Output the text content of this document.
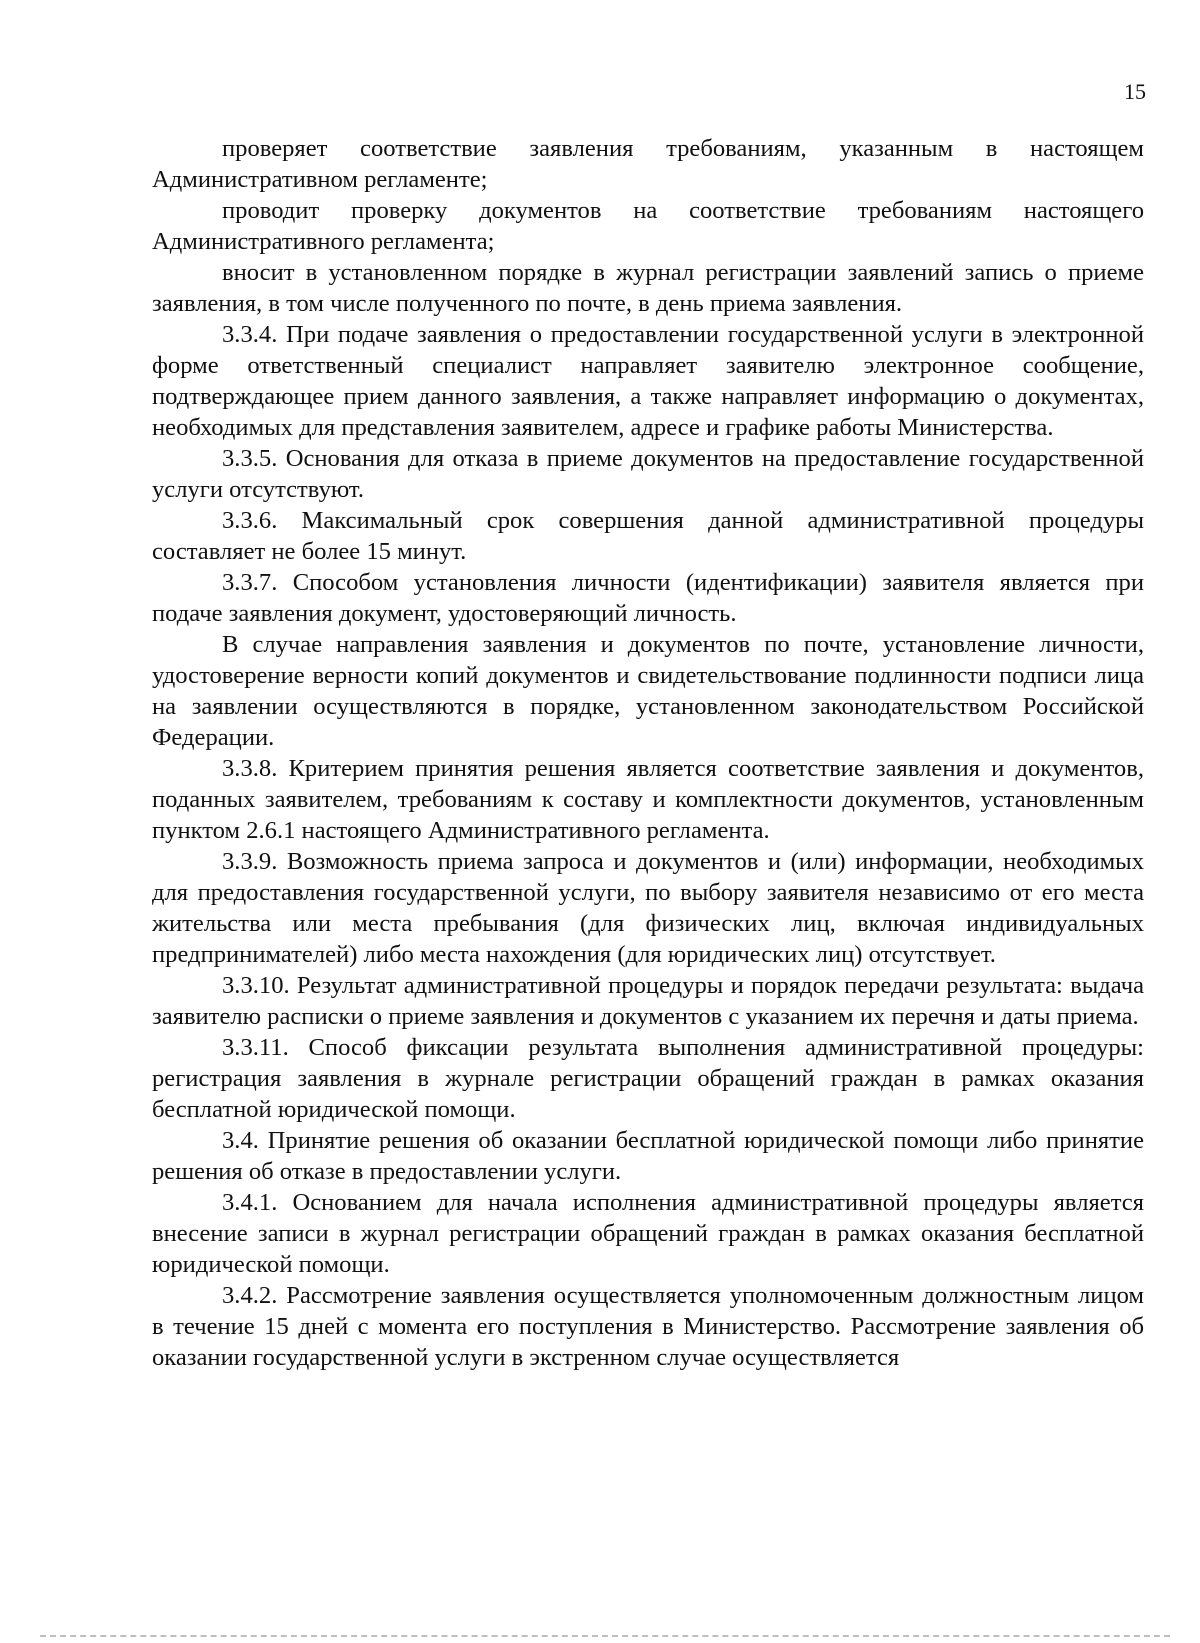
15

проверяет соответствие заявления требованиям, указанным в настоящем Административном регламенте;

проводит проверку документов на соответствие требованиям настоящего Административного регламента;

вносит в установленном порядке в журнал регистрации заявлений запись о приеме заявления, в том числе полученного по почте, в день приема заявления.

3.3.4. При подаче заявления о предоставлении государственной услуги в электронной форме ответственный специалист направляет заявителю электронное сообщение, подтверждающее прием данного заявления, а также направляет информацию о документах, необходимых для представления заявителем, адресе и графике работы Министерства.

3.3.5. Основания для отказа в приеме документов на предоставление государственной услуги отсутствуют.

3.3.6. Максимальный срок совершения данной административной процедуры составляет не более 15 минут.

3.3.7. Способом установления личности (идентификации) заявителя является при подаче заявления документ, удостоверяющий личность.

В случае направления заявления и документов по почте, установление личности, удостоверение верности копий документов и свидетельствование подлинности подписи лица на заявлении осуществляются в порядке, установленном законодательством Российской Федерации.

3.3.8. Критерием принятия решения является соответствие заявления и документов, поданных заявителем, требованиям к составу и комплектности документов, установленным пунктом 2.6.1 настоящего Административного регламента.

3.3.9. Возможность приема запроса и документов и (или) информации, необходимых для предоставления государственной услуги, по выбору заявителя независимо от его места жительства или места пребывания (для физических лиц, включая индивидуальных предпринимателей) либо места нахождения (для юридических лиц) отсутствует.

3.3.10. Результат административной процедуры и порядок передачи результата: выдача заявителю расписки о приеме заявления и документов с указанием их перечня и даты приема.

3.3.11. Способ фиксации результата выполнения административной процедуры: регистрация заявления в журнале регистрации обращений граждан в рамках оказания бесплатной юридической помощи.

3.4. Принятие решения об оказании бесплатной юридической помощи либо принятие решения об отказе в предоставлении услуги.

3.4.1. Основанием для начала исполнения административной процедуры является внесение записи в журнал регистрации обращений граждан в рамках оказания бесплатной юридической помощи.

3.4.2. Рассмотрение заявления осуществляется уполномоченным должностным лицом в течение 15 дней с момента его поступления в Министерство. Рассмотрение заявления об оказании государственной услуги в экстренном случае осуществляется
